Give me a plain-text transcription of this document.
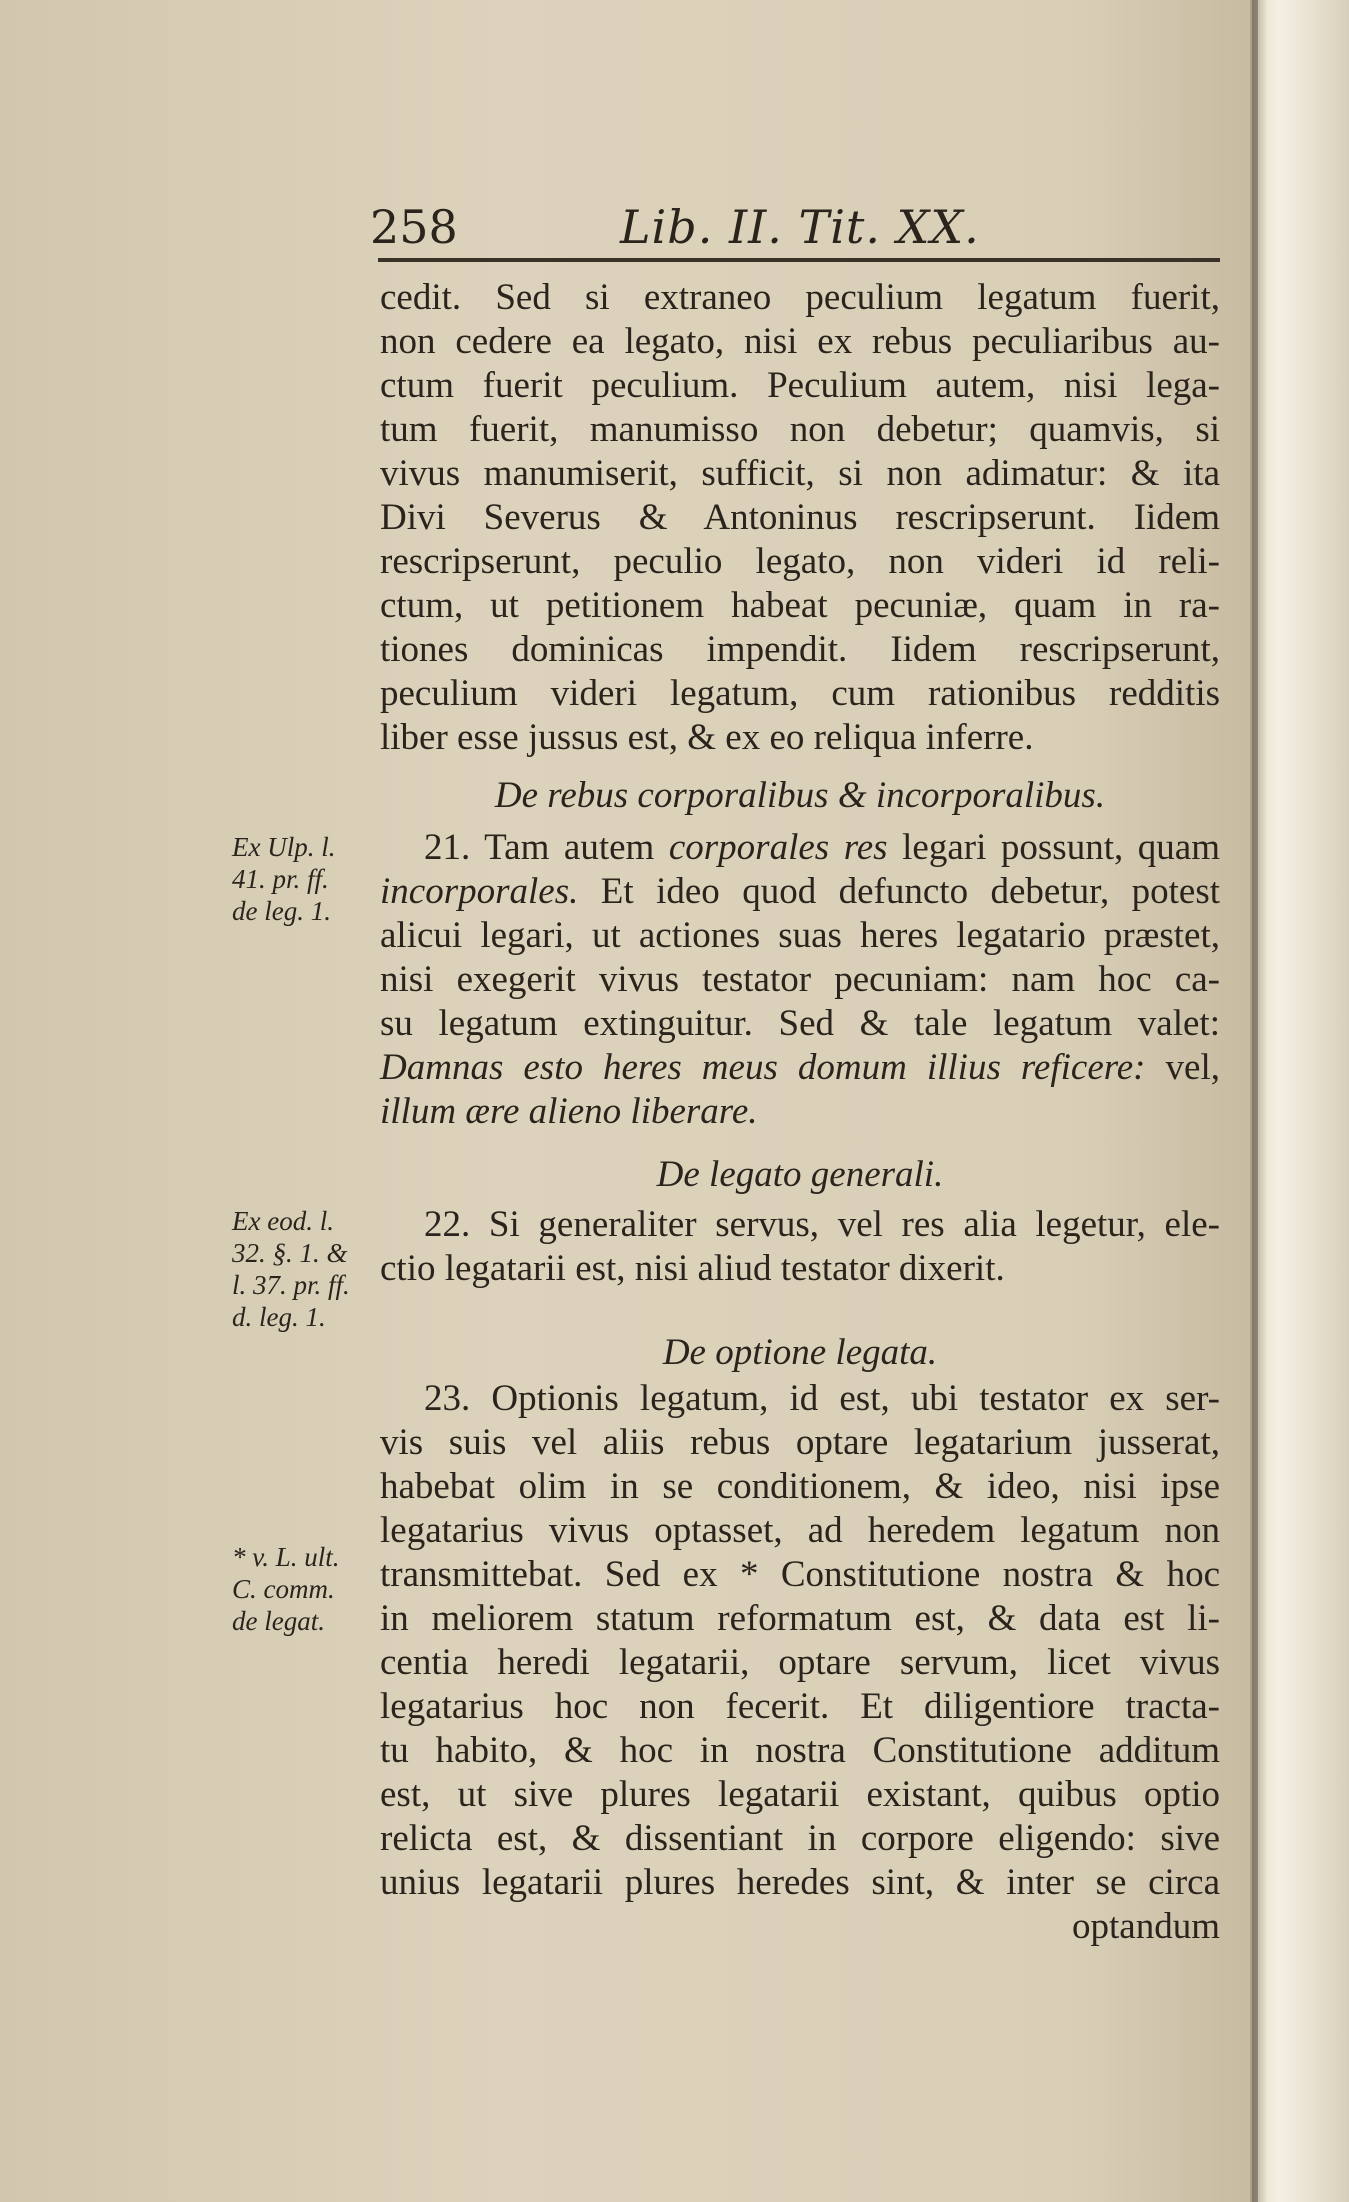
258	Lib. II. Tit. XX.
cedit. Sed si extraneo peculium legatum fuerit,
non cedere ea legato, nisi ex rebus peculiaribus au-
ctum fuerit peculium. Peculium autem, nisi lega-
tum fuerit, manumisso non debetur; quamvis, si
vivus manumiserit, sufficit, si non adimatur: & ita
Divi Severus & Antoninus rescripserunt. Iidem
rescripserunt, peculio legato, non videri id reli-
ctum, ut petitionem habeat pecuniæ, quam in ra-
tiones dominicas impendit. Iidem rescripserunt,
peculium videri legatum, cum rationibus redditis
liber esse jussus est, & ex eo reliqua inferre.
De rebus corporalibus & incorporalibus.
Ex Ulp. l.
41. pr. ff.
de leg. 1.
21. Tam autem corporales res legari possunt, quam
incorporales. Et ideo quod defuncto debetur, potest
alicui legari, ut actiones suas heres legatario præstet,
nisi exegerit vivus testator pecuniam: nam hoc ca-
su legatum extinguitur. Sed & tale legatum valet:
Damnas esto heres meus domum illius reficere: vel,
illum ære alieno liberare.
De legato generali.
Ex eod. l.
32. §. 1. &
l. 37. pr. ff.
d. leg. 1.
22. Si generaliter servus, vel res alia legetur, ele-
ctio legatarii est, nisi aliud testator dixerit.
De optione legata.
* v. L. ult.
C. comm.
de legat.
23. Optionis legatum, id est, ubi testator ex ser-
vis suis vel aliis rebus optare legatarium jusserat,
habebat olim in se conditionem, & ideo, nisi ipse
legatarius vivus optasset, ad heredem legatum non
transmittebat. Sed ex * Constitutione nostra & hoc
in meliorem statum reformatum est, & data est li-
centia heredi legatarii, optare servum, licet vivus
legatarius hoc non fecerit. Et diligentiore tracta-
tu habito, & hoc in nostra Constitutione additum
est, ut sive plures legatarii existant, quibus optio
relicta est, & dissentiant in corpore eligendo: sive
unius legatarii plures heredes sint, & inter se circa
optandum
